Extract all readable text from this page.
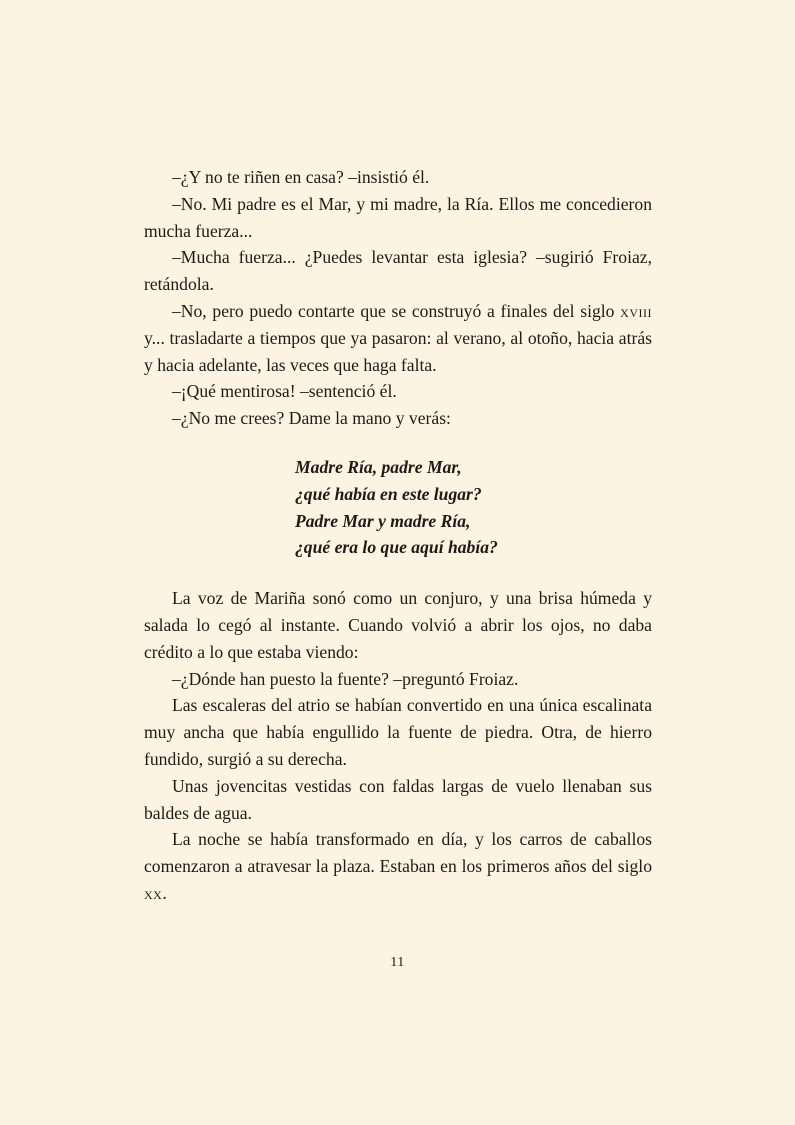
–¿Y no te riñen en casa? –insistió él.

–No. Mi padre es el Mar, y mi madre, la Ría. Ellos me concedieron mucha fuerza...

–Mucha fuerza... ¿Puedes levantar esta iglesia? –sugirió Froiaz, retándola.

–No, pero puedo contarte que se construyó a finales del siglo xviii y... trasladarte a tiempos que ya pasaron: al verano, al otoño, hacia atrás y hacia adelante, las veces que haga falta.

–¡Qué mentirosa! –sentenció él.

–¿No me crees? Dame la mano y verás:

Madre Ría, padre Mar,
¿qué había en este lugar?
Padre Mar y madre Ría,
¿qué era lo que aquí había?

La voz de Mariña sonó como un conjuro, y una brisa húmeda y salada lo cegó al instante. Cuando volvió a abrir los ojos, no daba crédito a lo que estaba viendo:

–¿Dónde han puesto la fuente? –preguntó Froiaz.

Las escaleras del atrio se habían convertido en una única escalinata muy ancha que había engullido la fuente de piedra. Otra, de hierro fundido, surgió a su derecha.

Unas jovencitas vestidas con faldas largas de vuelo llenaban sus baldes de agua.

La noche se había transformado en día, y los carros de caballos comenzaron a atravesar la plaza. Estaban en los primeros años del siglo xx.

11
